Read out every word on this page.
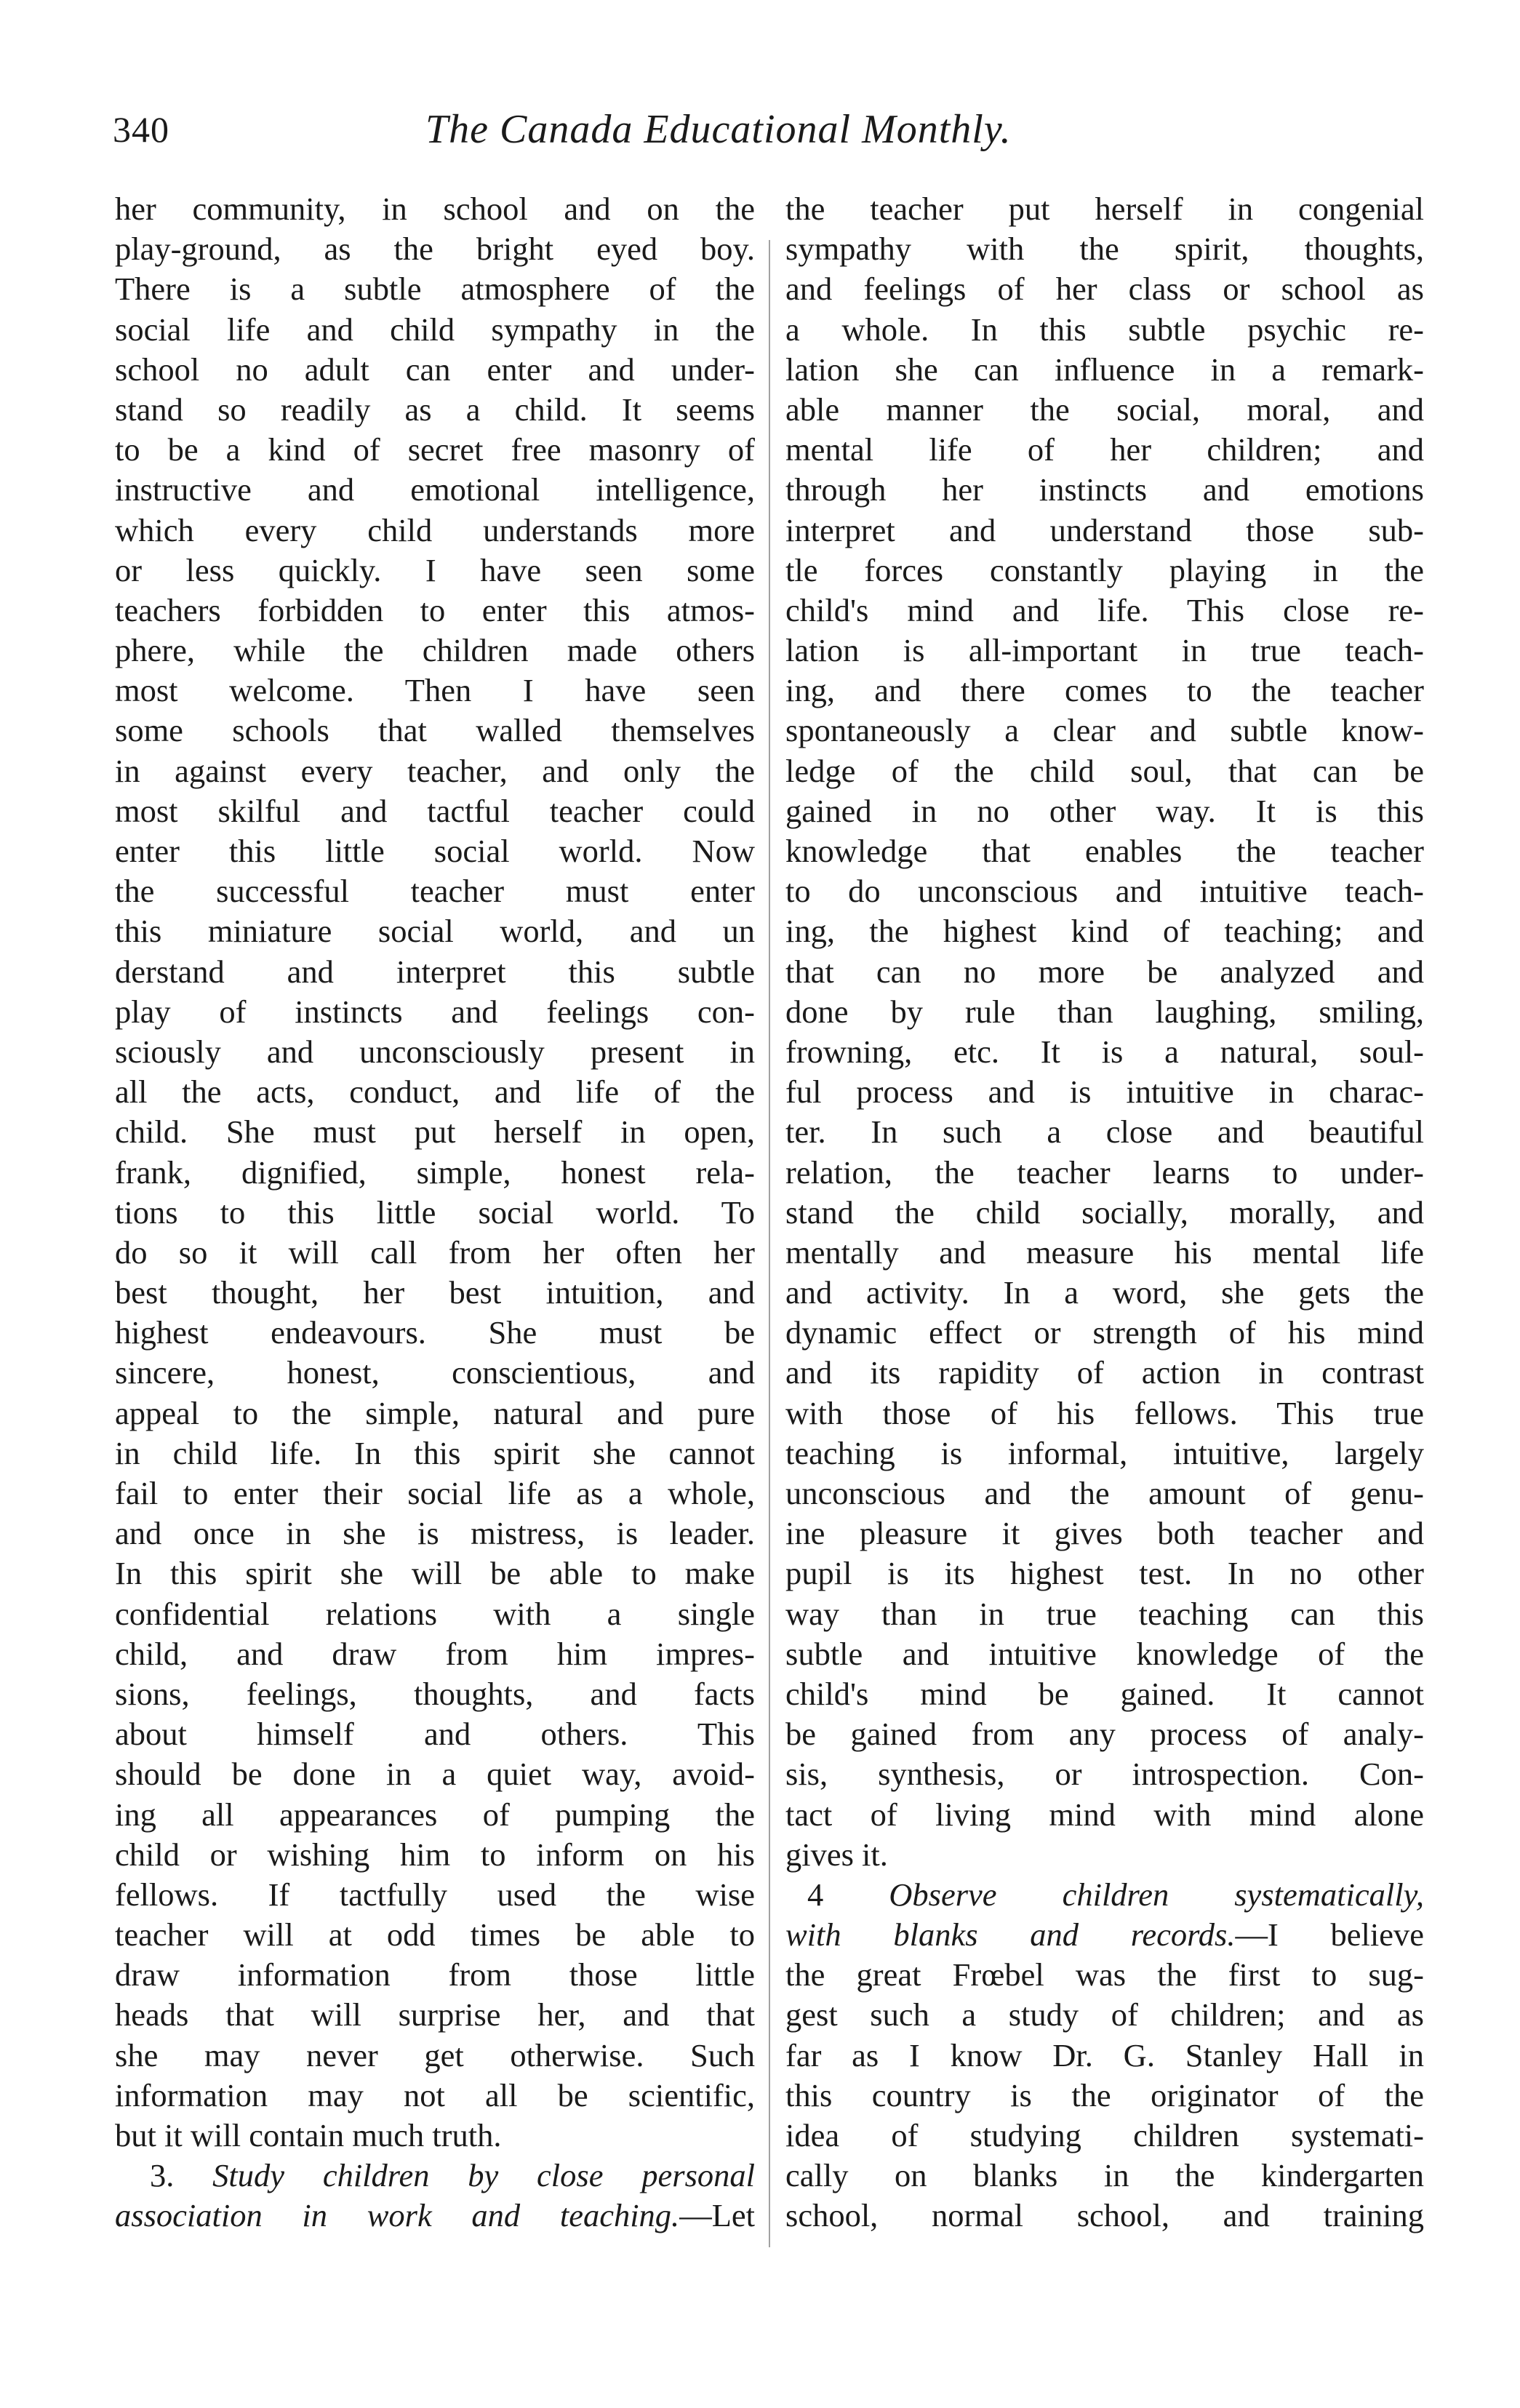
340	The Canada Educational Monthly.
her community, in school and on the
play-ground, as the bright eyed boy.
There is a subtle atmosphere of the
social life and child sympathy in the
school no adult can enter and under-
stand so readily as a child. It seems
to be a kind of secret free masonry of
instructive and emotional intelligence,
which every child understands more
or less quickly. I have seen some
teachers forbidden to enter this atmos-
phere, while the children made others
most welcome. Then I have seen
some schools that walled themselves
in against every teacher, and only the
most skilful and tactful teacher could
enter this little social world. Now
the successful teacher must enter
this miniature social world, and un
derstand and interpret this subtle
play of instincts and feelings con-
sciously and unconsciously present in
all the acts, conduct, and life of the
child. She must put herself in open,
frank, dignified, simple, honest rela-
tions to this little social world. To
do so it will call from her often her
best thought, her best intuition, and
highest endeavours. She must be
sincere, honest, conscientious, and
appeal to the simple, natural and pure
in child life. In this spirit she cannot
fail to enter their social life as a whole,
and once in she is mistress, is leader.
In this spirit she will be able to make
confidential relations with a single
child, and draw from him impres-
sions, feelings, thoughts, and facts
about himself and others. This
should be done in a quiet way, avoid-
ing all appearances of pumping the
child or wishing him to inform on his
fellows. If tactfully used the wise
teacher will at odd times be able to
draw information from those little
heads that will surprise her, and that
she may never get otherwise. Such
information may not all be scientific,
but it will contain much truth.
3. Study children by close personal
association in work and teaching.—Let
the teacher put herself in congenial
sympathy with the spirit, thoughts,
and feelings of her class or school as
a whole. In this subtle psychic re-
lation she can influence in a remark-
able manner the social, moral, and
mental life of her children; and
through her instincts and emotions
interpret and understand those sub-
tle forces constantly playing in the
child's mind and life. This close re-
lation is all-important in true teach-
ing, and there comes to the teacher
spontaneously a clear and subtle know-
ledge of the child soul, that can be
gained in no other way. It is this
knowledge that enables the teacher
to do unconscious and intuitive teach-
ing, the highest kind of teaching; and
that can no more be analyzed and
done by rule than laughing, smiling,
frowning, etc. It is a natural, soul-
ful process and is intuitive in charac-
ter. In such a close and beautiful
relation, the teacher learns to under-
stand the child socially, morally, and
mentally and measure his mental life
and activity. In a word, she gets the
dynamic effect or strength of his mind
and its rapidity of action in contrast
with those of his fellows. This true
teaching is informal, intuitive, largely
unconscious and the amount of genu-
ine pleasure it gives both teacher and
pupil is its highest test. In no other
way than in true teaching can this
subtle and intuitive knowledge of the
child's mind be gained. It cannot
be gained from any process of analy-
sis, synthesis, or introspection. Con-
tact of living mind with mind alone
gives it.
4 Observe children systematically,
with blanks and records.—I believe
the great Frœbel was the first to sug-
gest such a study of children; and as
far as I know Dr. G. Stanley Hall in
this country is the originator of the
idea of studying children systemati-
cally on blanks in the kindergarten
school, normal school, and training
